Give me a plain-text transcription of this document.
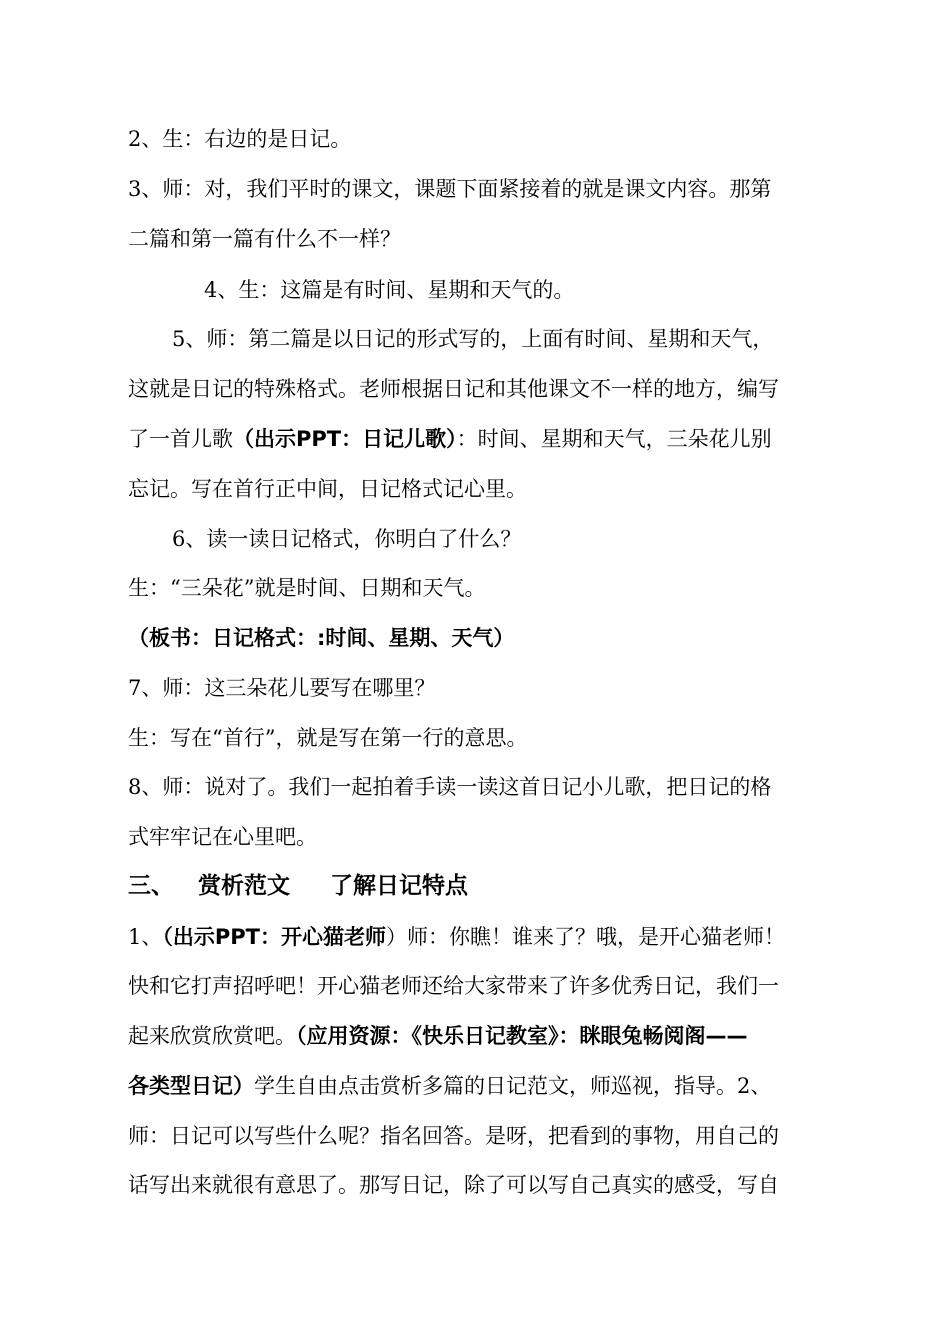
2、生：右边的是日记。
3、师：对，我们平时的课文，课题下面紧接着的就是课文内容。那第
二篇和第一篇有什么不一样？
4、生：这篇是有时间、星期和天气的。
5、师：第二篇是以日记的形式写的，上面有时间、星期和天气，
这就是日记的特殊格式。老师根据日记和其他课文不一样的地方，编写
了一首儿歌（出示PPT：日记儿歌）：时间、星期和天气，三朵花儿别
忘记。写在首行正中间，日记格式记心里。
6、读一读日记格式，你明白了什么？
生：“三朵花”就是时间、日期和天气。
（板书：日记格式：:时间、星期、天气）
7、师：这三朵花儿要写在哪里？
生：写在“首行”，就是写在第一行的意思。
8、师：说对了。我们一起拍着手读一读这首日记小儿歌，把日记的格
式牢牢记在心里吧。
三、 赏析范文 了解日记特点
1、（出示PPT：开心猫老师）师：你瞧！谁来了？哦，是开心猫老师！
快和它打声招呼吧！开心猫老师还给大家带来了许多优秀日记，我们一
起来欣赏欣赏吧。（应用资源：《快乐日记教室》：眯眼兔畅阅阁——
各类型日记）学生自由点击赏析多篇的日记范文，师巡视，指导。2、
师：日记可以写些什么呢？指名回答。是呀，把看到的事物，用自己的
话写出来就很有意思了。那写日记，除了可以写自己真实的感受，写自
